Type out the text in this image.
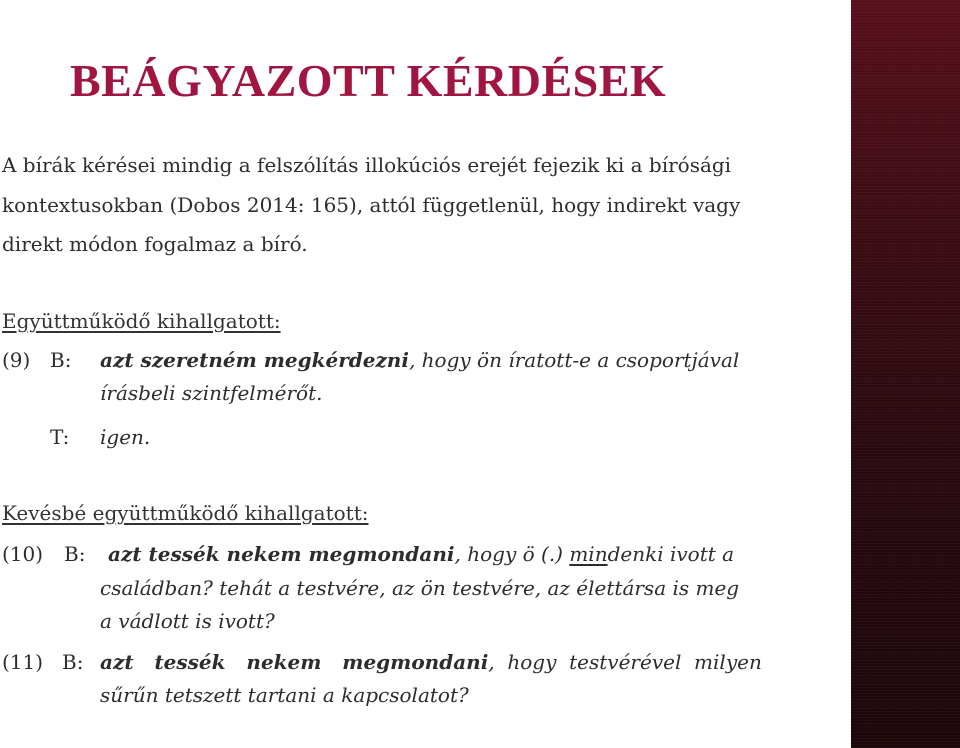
BEÁGYAZOTT KÉRDÉSEK

A bírák kérései mindig a felszólítás illokúciós erejét fejezik ki a bírósági

kontextusokban (Dobos 2014: 165), attól függetlenül, hogy indirekt vagy

direkt módon fogalmaz a bíró.

Együttműködő kihallgatott:

(9) B: azt szeretném megkérdezni, hogy ön íratott-e a csoportjával

írásbeli szintfelmérőt.

T: igen.

Kevésbé együttműködő kihallgatott:

(10) B: azt tessék nekem megmondani, hogy ö (.) mindenki ivott a

családban? tehát a testvére, az ön testvére, az élettársa is meg

a vádlott is ivott?

(11) B: azt   tessék   nekem   megmondani,  hogy  testvérével  milyen

sűrűn tetszett tartani a kapcsolatot?
